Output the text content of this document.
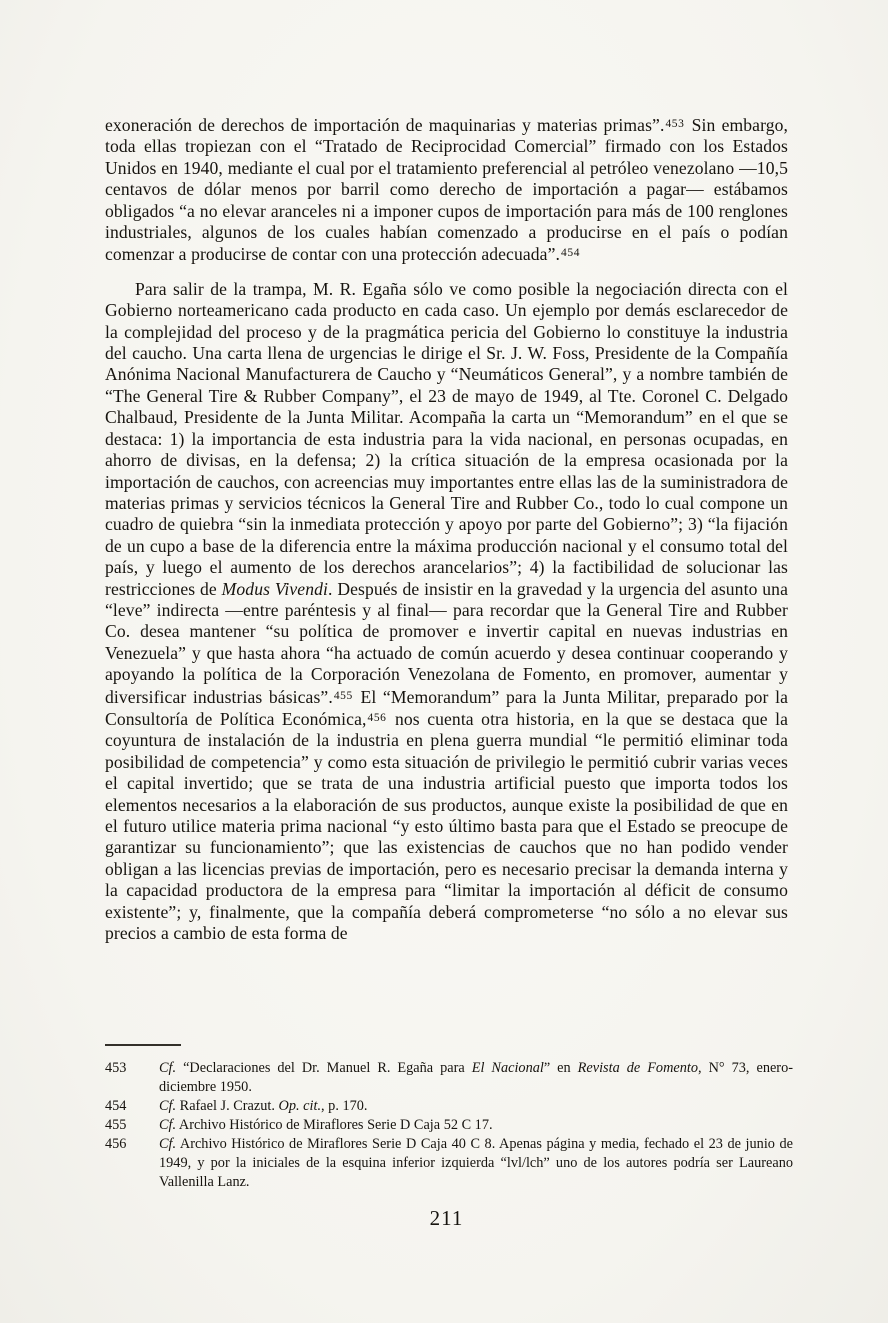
exoneración de derechos de importación de maquinarias y materias primas”.$^{453}$ Sin embargo, toda ellas tropiezan con el “Tratado de Reciprocidad Comercial” firmado con los Estados Unidos en 1940, mediante el cual por el tratamiento preferencial al petróleo venezolano —10,5 centavos de dólar menos por barril como derecho de importación a pagar— estábamos obligados “a no elevar aranceles ni a imponer cupos de importación para más de 100 renglones industriales, algunos de los cuales habían comenzado a producirse en el país o podían comenzar a producirse de contar con una protección adecuada”.$^{454}$

Para salir de la trampa, M. R. Egaña sólo ve como posible la negociación directa con el Gobierno norteamericano cada producto en cada caso. Un ejemplo por demás esclarecedor de la complejidad del proceso y de la pragmática pericia del Gobierno lo constituye la industria del caucho. Una carta llena de urgencias le dirige el Sr. J. W. Foss, Presidente de la Compañía Anónima Nacional Manufacturera de Caucho y “Neumáticos General”, y a nombre también de “The General Tire & Rubber Company”, el 23 de mayo de 1949, al Tte. Coronel C. Delgado Chalbaud, Presidente de la Junta Militar. Acompaña la carta un “Memorandum” en el que se destaca: 1) la importancia de esta industria para la vida nacional, en personas ocupadas, en ahorro de divisas, en la defensa; 2) la crítica situación de la empresa ocasionada por la importación de cauchos, con acreencias muy importantes entre ellas las de la suministradora de materias primas y servicios técnicos la General Tire and Rubber Co., todo lo cual compone un cuadro de quiebra “sin la inmediata protección y apoyo por parte del Gobierno”; 3) “la fijación de un cupo a base de la diferencia entre la máxima producción nacional y el consumo total del país, y luego el aumento de los derechos arancelarios”; 4) la factibilidad de solucionar las restricciones de Modus Vivendi. Después de insistir en la gravedad y la urgencia del asunto una “leve” indirecta —entre paréntesis y al final— para recordar que la General Tire and Rubber Co. desea mantener “su política de promover e invertir capital en nuevas industrias en Venezuela” y que hasta ahora “ha actuado de común acuerdo y desea continuar cooperando y apoyando la política de la Corporación Venezolana de Fomento, en promover, aumentar y diversificar industrias básicas”.$^{455}$ El “Memorandum” para la Junta Militar, preparado por la Consultoría de Política Económica,$^{456}$ nos cuenta otra historia, en la que se destaca que la coyuntura de instalación de la industria en plena guerra mundial “le permitió eliminar toda posibilidad de competencia” y como esta situación de privilegio le permitió cubrir varias veces el capital invertido; que se trata de una industria artificial puesto que importa todos los elementos necesarios a la elaboración de sus productos, aunque existe la posibilidad de que en el futuro utilice materia prima nacional “y esto último basta para que el Estado se preocupe de garantizar su funcionamiento”; que las existencias de cauchos que no han podido vender obligan a las licencias previas de importación, pero es necesario precisar la demanda interna y la capacidad productora de la empresa para “limitar la importación al déficit de consumo existente”; y, finalmente, que la compañía deberá comprometerse “no sólo a no elevar sus precios a cambio de esta forma de

453	Cf. “Declaraciones del Dr. Manuel R. Egaña para El Nacional” en Revista de Fomento, N° 73, enero-diciembre 1950.
454	Cf. Rafael J. Crazut. Op. cit., p. 170.
455	Cf. Archivo Histórico de Miraflores Serie D Caja 52 C 17.
456	Cf. Archivo Histórico de Miraflores Serie D Caja 40 C 8. Apenas página y media, fechado el 23 de junio de 1949, y por la iniciales de la esquina inferior izquierda “lvl/lch” uno de los autores podría ser Laureano Vallenilla Lanz.
211
